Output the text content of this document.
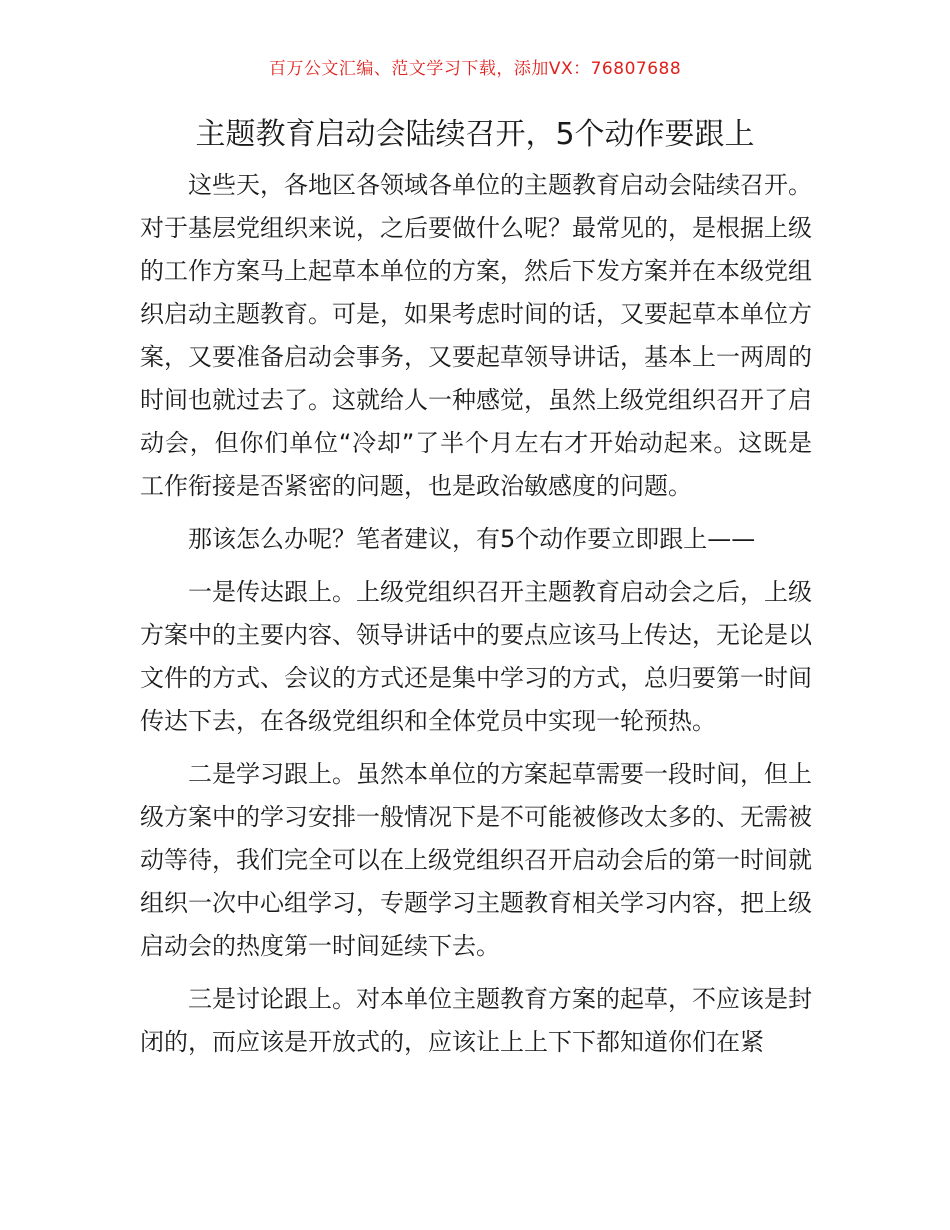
百万公文汇编、范文学习下载，添加VX：76807688
主题教育启动会陆续召开，5个动作要跟上

这些天，各地区各领域各单位的主题教育启动会陆续召开。对于基层党组织来说，之后要做什么呢？最常见的，是根据上级的工作方案马上起草本单位的方案，然后下发方案并在本级党组织启动主题教育。可是，如果考虑时间的话，又要起草本单位方案，又要准备启动会事务，又要起草领导讲话，基本上一两周的时间也就过去了。这就给人一种感觉，虽然上级党组织召开了启动会，但你们单位“冷却”了半个月左右才开始动起来。这既是工作衔接是否紧密的问题，也是政治敏感度的问题。

那该怎么办呢？笔者建议，有5个动作要立即跟上——

一是传达跟上。上级党组织召开主题教育启动会之后，上级方案中的主要内容、领导讲话中的要点应该马上传达，无论是以文件的方式、会议的方式还是集中学习的方式，总归要第一时间传达下去，在各级党组织和全体党员中实现一轮预热。

二是学习跟上。虽然本单位的方案起草需要一段时间，但上级方案中的学习安排一般情况下是不可能被修改太多的、无需被动等待，我们完全可以在上级党组织召开启动会后的第一时间就组织一次中心组学习，专题学习主题教育相关学习内容，把上级启动会的热度第一时间延续下去。

三是讨论跟上。对本单位主题教育方案的起草，不应该是封闭的，而应该是开放式的，应该让上上下下都知道你们在紧
